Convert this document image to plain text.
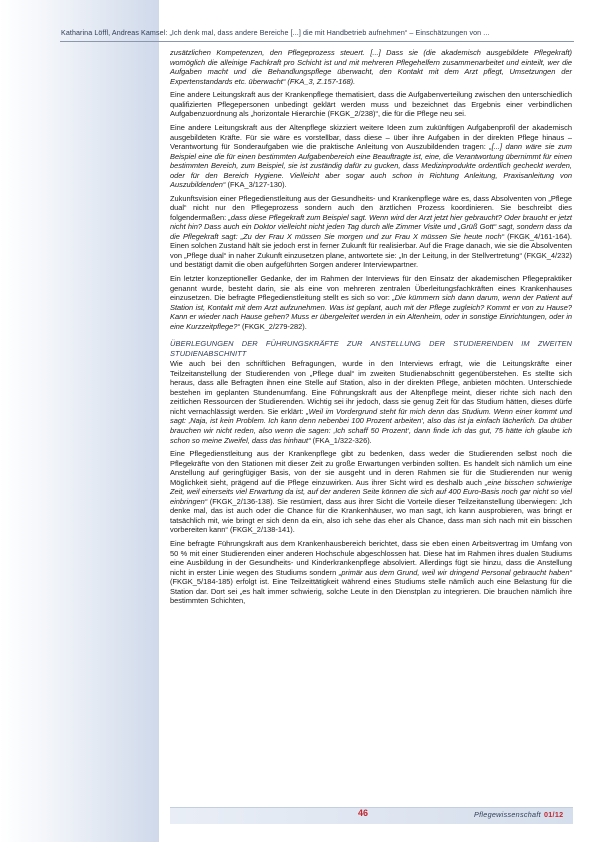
Katharina Löffl, Andreas Kamsel: „Ich denk mal, dass andere Bereiche [...] die mit Handbetrieb aufnehmen“ – Einschätzungen von ...

zusätzlichen Kompetenzen, den Pflegeprozess steuert. [...] Dass sie (die akademisch ausgebildete Pflegekraft) womöglich die alleinige Fachkraft pro Schicht ist und mit mehreren Pflegehelfern zusammenarbeitet und einteilt, wer die Aufgaben macht und die Behandlungspflege überwacht, den Kontakt mit dem Arzt pflegt, Umsetzungen der Expertenstandards etc. überwacht“ (FKA_3, Z.157-168).

Eine andere Leitungskraft aus der Krankenpflege thematisiert, dass die Aufgabenverteilung zwischen den unterschiedlich qualifizierten Pflegepersonen unbedingt geklärt werden muss und bezeichnet das Ergebnis einer verbindlichen Aufgabenzuordnung als „horizontale Hierarchie (FKGK_2/238)“, die für die Pflege neu sei.

Eine andere Leitungskraft aus der Altenpflege skizziert weitere Ideen zum zukünftigen Aufgabenprofil der akademisch ausgebildeten Kräfte. Für sie wäre es vorstellbar, dass diese – über ihre Aufgaben in der direkten Pflege hinaus – Verantwortung für Sonderaufgaben wie die praktische Anleitung von Auszubildenden tragen: „[...] dann wäre sie zum Beispiel eine die für einen bestimmten Aufgabenbereich eine Beauftragte ist, eine, die Verantwortung übernimmt für einen bestimmten Bereich, zum Beispiel, sie ist zuständig dafür zu gucken, dass Medizinprodukte ordentlich gecheckt werden, oder für den Bereich Hygiene. Vielleicht aber sogar auch schon in Richtung Anleitung, Praxisanleitung von Auszubildenden“ (FKA_3/127-130).

Zukunftsvision einer Pflegedienstleitung aus der Gesundheits- und Krankenpflege wäre es, dass Absolventen von „Pflege dual“ nicht nur den Pflegeprozess sondern auch den ärztlichen Prozess koordinieren. Sie beschreibt dies folgendermaßen: „dass diese Pflegekraft zum Beispiel sagt. Wenn wird der Arzt jetzt hier gebraucht? Oder braucht er jetzt nicht hin? Dass auch ein Doktor vielleicht nicht jeden Tag durch alle Zimmer Visite und „Grüß Gott“ sagt, sondern dass da die Pflegekraft sagt: „Zu der Frau X müssen Sie morgen und zur Frau X müssen Sie heute noch“ (FKGK_4/161-164). Einen solchen Zustand hält sie jedoch erst in ferner Zukunft für realisierbar. Auf die Frage danach, wie sie die Absolventen von „Pflege dual“ in naher Zukunft einzusetzen plane, antwortete sie: „In der Leitung, in der Stellvertretung“ (FKGK_4/232) und bestätigt damit die oben aufgeführten Sorgen anderer Interviewpartner.

Ein letzter konzeptioneller Gedanke, der im Rahmen der Interviews für den Einsatz der akademischen Pflegepraktiker genannt wurde, besteht darin, sie als eine von mehreren zentralen Überleitungsfachkräften eines Krankenhauses einzusetzen. Die befragte Pflegedienstleitung stellt es sich so vor: „Die kümmern sich dann darum, wenn der Patient auf Station ist, Kontakt mit dem Arzt aufzunehmen. Was ist geplant, auch mit der Pflege zugleich? Kommt er von zu Hause? Kann er wieder nach Hause gehen? Muss er übergeleitet werden in ein Altenheim, oder in sonstige Einrichtungen, oder in eine Kurzzeitpflege?“ (FKGK_2/279-282).

ÜBERLEGUNGEN DER FÜHRUNGSKRÄFTE ZUR ANSTELLUNG DER STUDIERENDEN IM ZWEITEN STUDIENABSCHNITT

Wie auch bei den schriftlichen Befragungen, wurde in den Interviews erfragt, wie die Leitungskräfte einer Teilzeitanstellung der Studierenden von „Pflege dual“ im zweiten Studienabschnitt gegenüberstehen. Es stellte sich heraus, dass alle Befragten ihnen eine Stelle auf Station, also in der direkten Pflege, anbieten möchten. Unterschiede bestehen im geplanten Stundenumfang. Eine Führungskraft aus der Altenpflege meint, dieser richte sich nach den zeitlichen Ressourcen der Studierenden. Wichtig sei ihr jedoch, dass sie genug Zeit für das Studium hätten, dieses dürfe nicht vernachlässigt werden. Sie erklärt: „Weil im Vordergrund steht für mich denn das Studium. Wenn einer kommt und sagt: ‚Naja, ist kein Problem. Ich kann denn nebenbei 100 Prozent arbeiten‘, also das ist ja einfach lächerlich. Da drüber brauchen wir nicht reden, also wenn die sagen: ‚Ich schaff 50 Prozent‘, dann finde ich das gut, 75 hätte ich glaube ich schon so meine Zweifel, dass das hinhaut“ (FKA_1/322-326).

Eine Pflegedienstleitung aus der Krankenpflege gibt zu bedenken, dass weder die Studierenden selbst noch die Pflegekräfte von den Stationen mit dieser Zeit zu große Erwartungen verbinden sollten. Es handelt sich nämlich um eine Anstellung auf geringfügiger Basis, von der sie ausgeht und in deren Rahmen sie für die Studierenden nur wenig Möglichkeit sieht, prägend auf die Pflege einzuwirken. Aus ihrer Sicht wird es deshalb auch „eine bisschen schwierige Zeit, weil einerseits viel Erwartung da ist, auf der anderen Seite können die sich auf 400 Euro-Basis noch gar nicht so viel einbringen“ (FKGK_2/136-138). Sie resümiert, dass aus ihrer Sicht die Vorteile dieser Teilzeitanstellung überwiegen: „Ich denke mal, das ist auch oder die Chance für die Krankenhäuser, wo man sagt, ich kann ausprobieren, was bringt er tatsächlich mit, wie bringt er sich denn da ein, also ich sehe das eher als Chance, dass man sich nach mit ein bisschen vorbereiten kann“ (FKGK_2/138-141).

Eine befragte Führungskraft aus dem Krankenhausbereich berichtet, dass sie eben einen Arbeitsvertrag im Umfang von 50 % mit einer Studierenden einer anderen Hochschule abgeschlossen hat. Diese hat im Rahmen ihres dualen Studiums eine Ausbildung in der Gesundheits- und Kinderkrankenpflege absolviert. Allerdings fügt sie hinzu, dass die Anstellung nicht in erster Linie wegen des Studiums sondern „primär aus dem Grund, weil wir dringend Personal gebraucht haben“ (FKGK_5/184-185) erfolgt ist. Eine Teilzeittätigkeit während eines Studiums stelle nämlich auch eine Belastung für die Station dar. Dort sei „es halt immer schwierig, solche Leute in den Dienstplan zu integrieren. Die brauchen nämlich ihre bestimmten Schichten,

46	Pflegewissenschaft 01/12
